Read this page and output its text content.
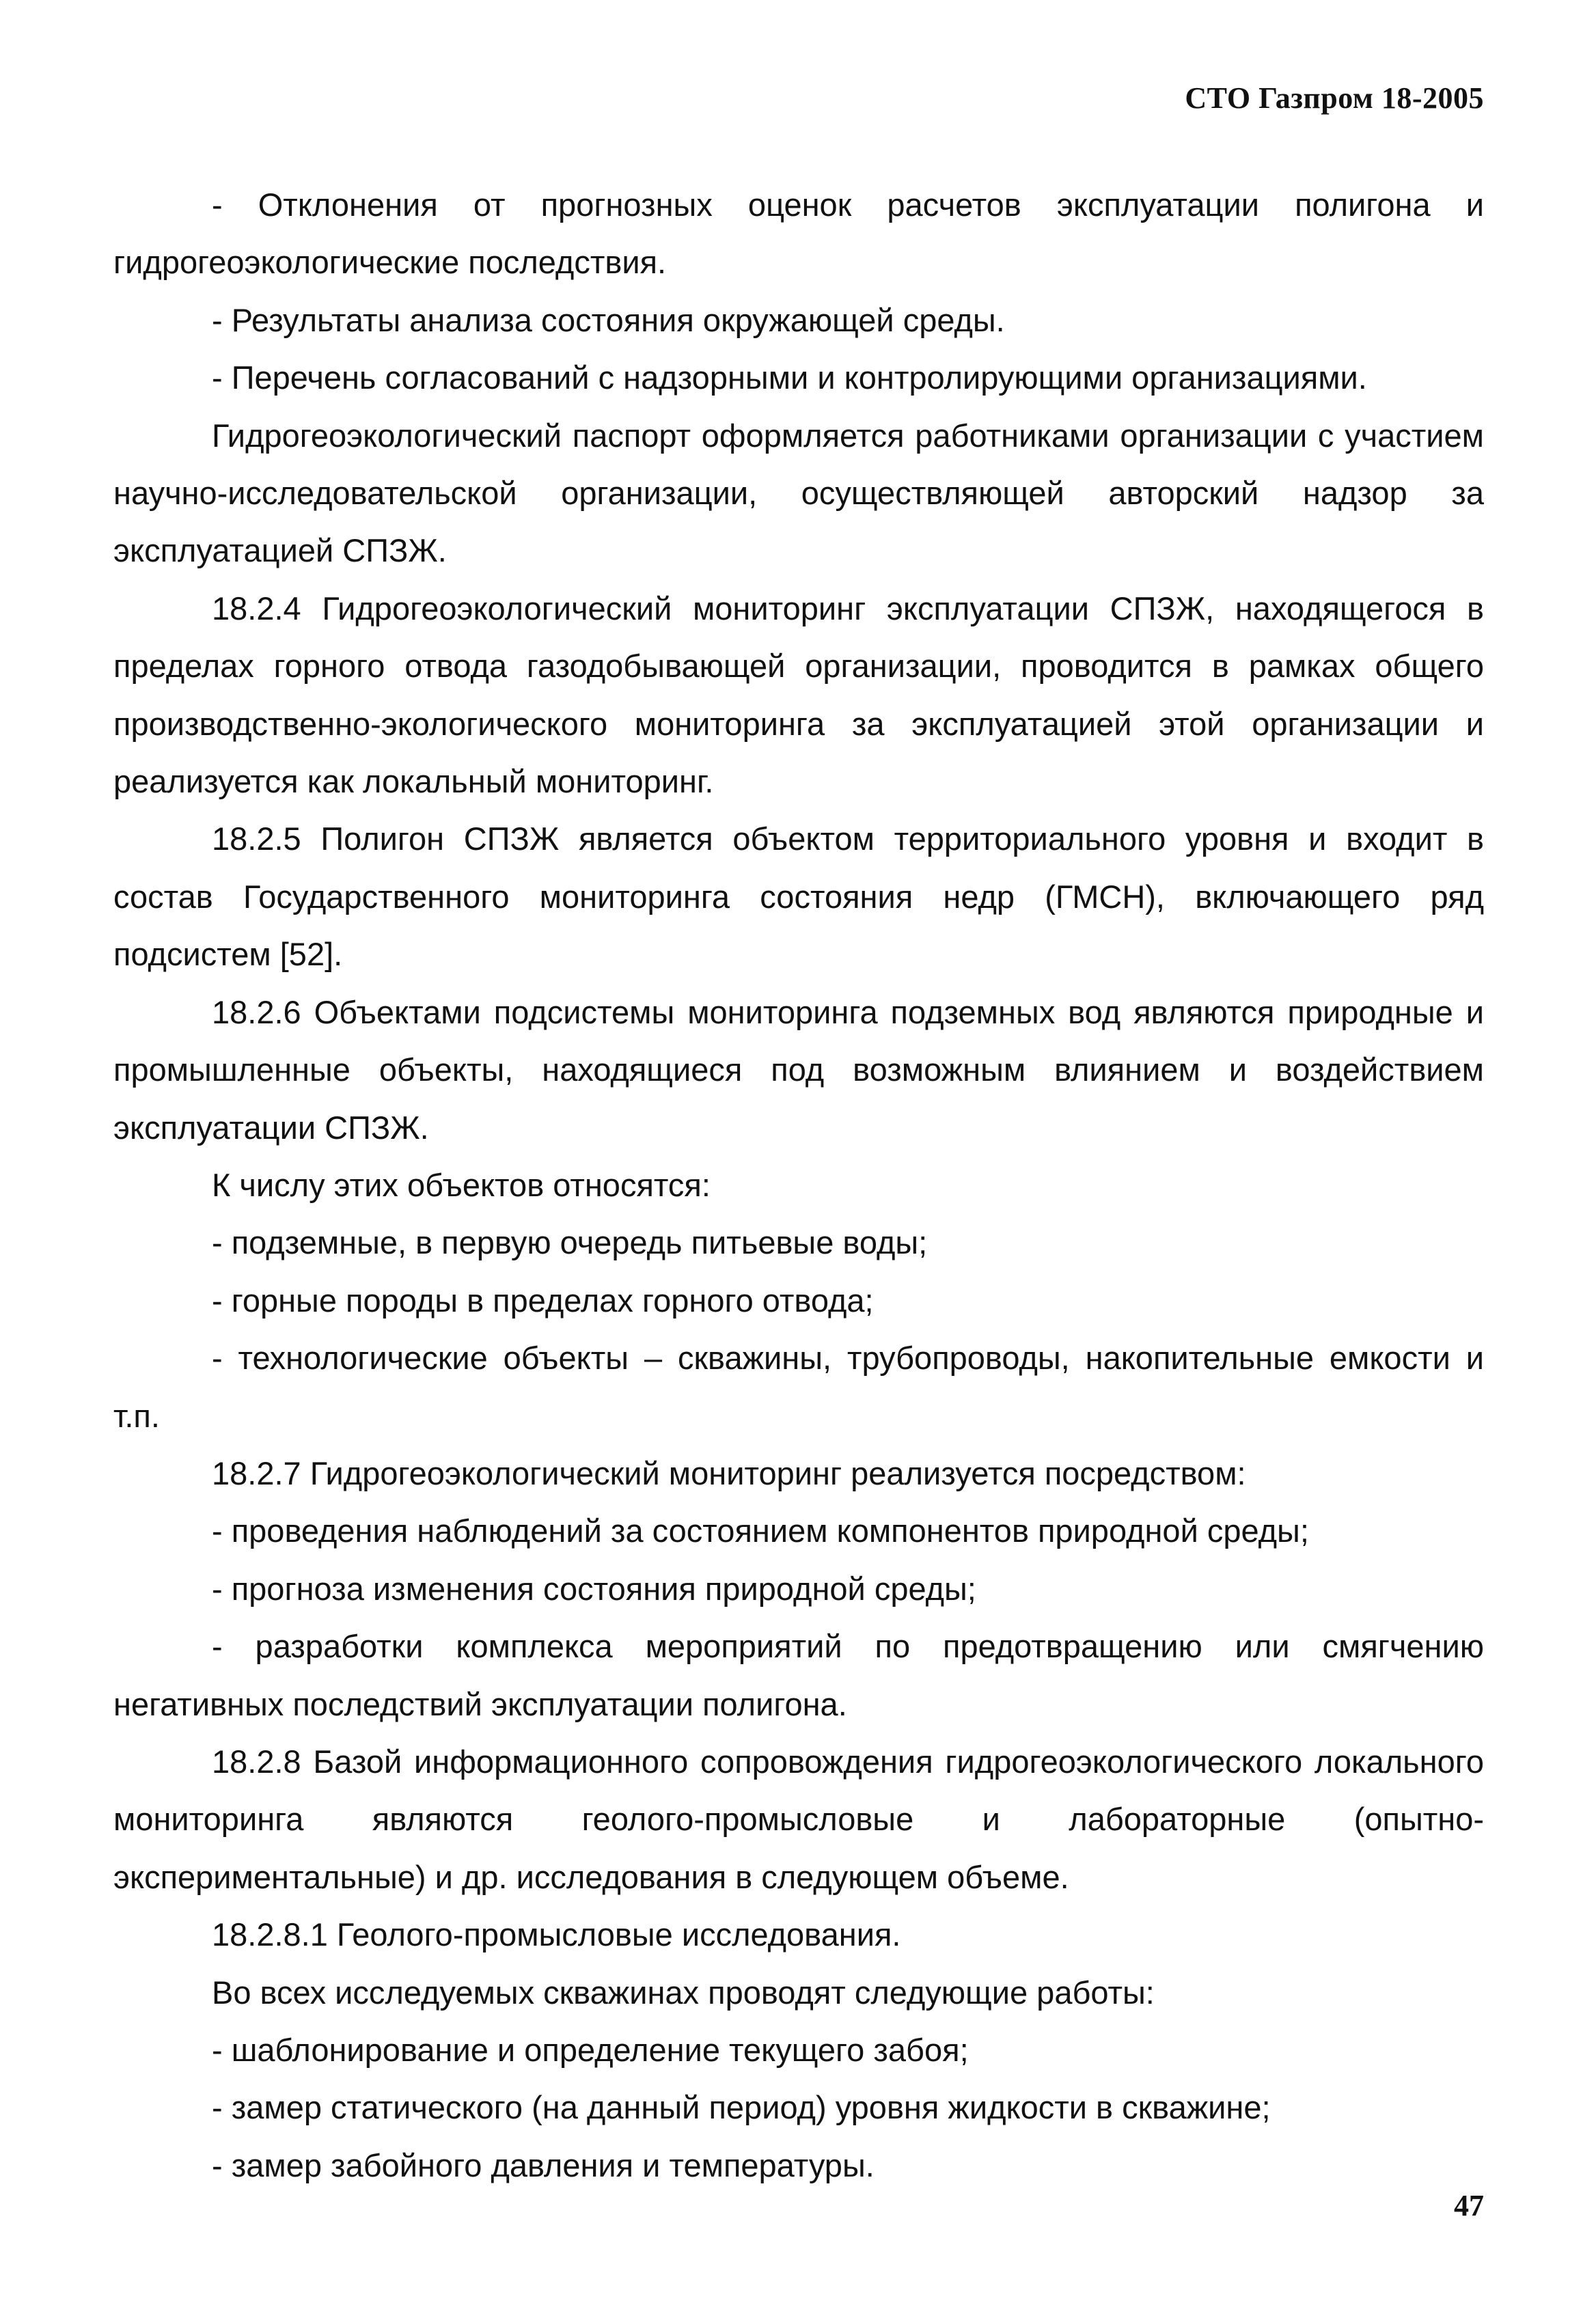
СТО Газпром 18-2005

- Отклонения от прогнозных оценок расчетов эксплуатации полигона и гидрогеоэкологические последствия.

- Результаты анализа состояния окружающей среды.

- Перечень согласований с надзорными и контролирующими организациями.

Гидрогеоэкологический паспорт оформляется работниками организации с участием научно-исследовательской организации, осуществляющей авторский надзор за эксплуатацией СПЗЖ.

18.2.4 Гидрогеоэкологический мониторинг эксплуатации СПЗЖ, находящегося в пределах горного отвода газодобывающей организации, проводится в рамках общего производственно-экологического мониторинга за эксплуатацией этой организации и реализуется как локальный мониторинг.

18.2.5 Полигон СПЗЖ является объектом территориального уровня и входит в состав Государственного мониторинга состояния недр (ГМСН), включающего ряд подсистем [52].

18.2.6 Объектами подсистемы мониторинга подземных вод являются природные и промышленные объекты, находящиеся под возможным влиянием и воздействием эксплуатации СПЗЖ.

К числу этих объектов относятся:

- подземные, в первую очередь питьевые воды;

- горные породы в пределах горного отвода;

- технологические объекты – скважины, трубопроводы, накопительные емкости и т.п.

18.2.7 Гидрогеоэкологический мониторинг реализуется посредством:

- проведения наблюдений за состоянием компонентов природной среды;

- прогноза изменения состояния природной среды;

- разработки комплекса мероприятий по предотвращению или смягчению негативных последствий эксплуатации полигона.

18.2.8 Базой информационного сопровождения гидрогеоэкологического локального мониторинга являются геолого-промысловые и лабораторные (опытно-экспериментальные) и др. исследования в следующем объеме.

18.2.8.1 Геолого-промысловые исследования.

Во всех исследуемых скважинах проводят следующие работы:

- шаблонирование и определение текущего забоя;

- замер статического (на данный период) уровня жидкости в скважине;

- замер забойного давления и температуры.

47
